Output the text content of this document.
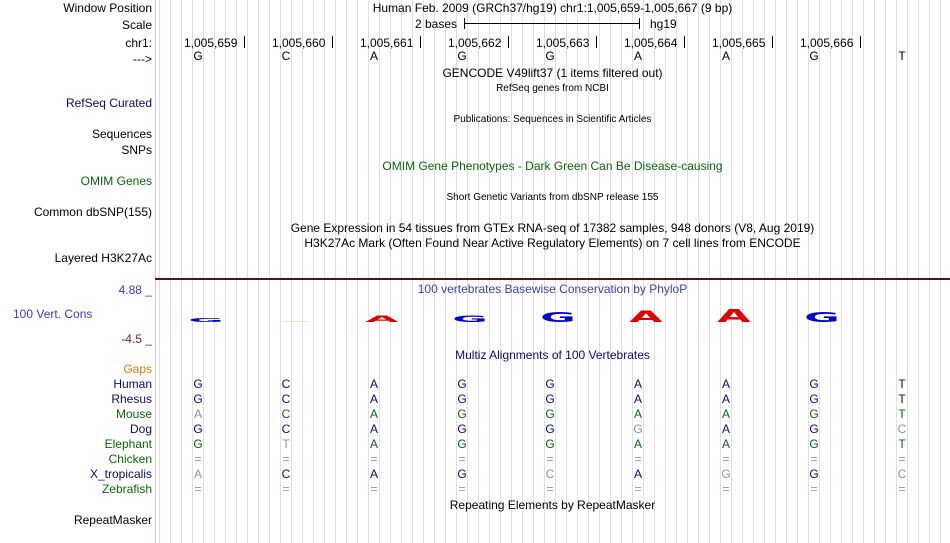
Window Position	Human Feb. 2009 (GRCh37/hg19) chr1:1,005,659-1,005,667 (9 bp)
Scale	2 bases	hg19
chr1:	1,005,659	1,005,660	1,005,661	1,005,662	1,005,663	1,005,664	1,005,665	1,005,666
--->	G	C	A	G	G	A	A	G	T
GENCODE V49lift37 (1 items filtered out)
RefSeq genes from NCBI
RefSeq Curated
Publications: Sequences in Scientific Articles
Sequences
SNPs
OMIM Gene Phenotypes - Dark Green Can Be Disease-causing
OMIM Genes
Short Genetic Variants from dbSNP release 155
Common dbSNP(155)
Gene Expression in 54 tissues from GTEx RNA-seq of 17382 samples, 948 donors (V8, Aug 2019)
H3K27Ac Mark (Often Found Near Active Regulatory Elements) on 7 cell lines from ENCODE
Layered H3K27Ac
4.88 _	100 vertebrates Basewise Conservation by PhyloP
100 Vert. Cons
-4.5 _
G C A G G A A G
Multiz Alignments of 100 Vertebrates
Gaps
Human	G	C	A	G	G	A	A	G	T
Rhesus	G	C	A	G	G	A	A	G	T
Mouse	A	C	A	G	G	A	A	G	T
Dog	G	C	A	G	G	G	A	G	C
Elephant	G	T	A	G	G	A	A	G	T
Chicken	=	=	=	=	=	=	=	=	=
X_tropicalis	A	C	A	G	C	A	G	G	C
Zebrafish	=	=	=	=	=	=	=	=	=
Repeating Elements by RepeatMasker
RepeatMasker
